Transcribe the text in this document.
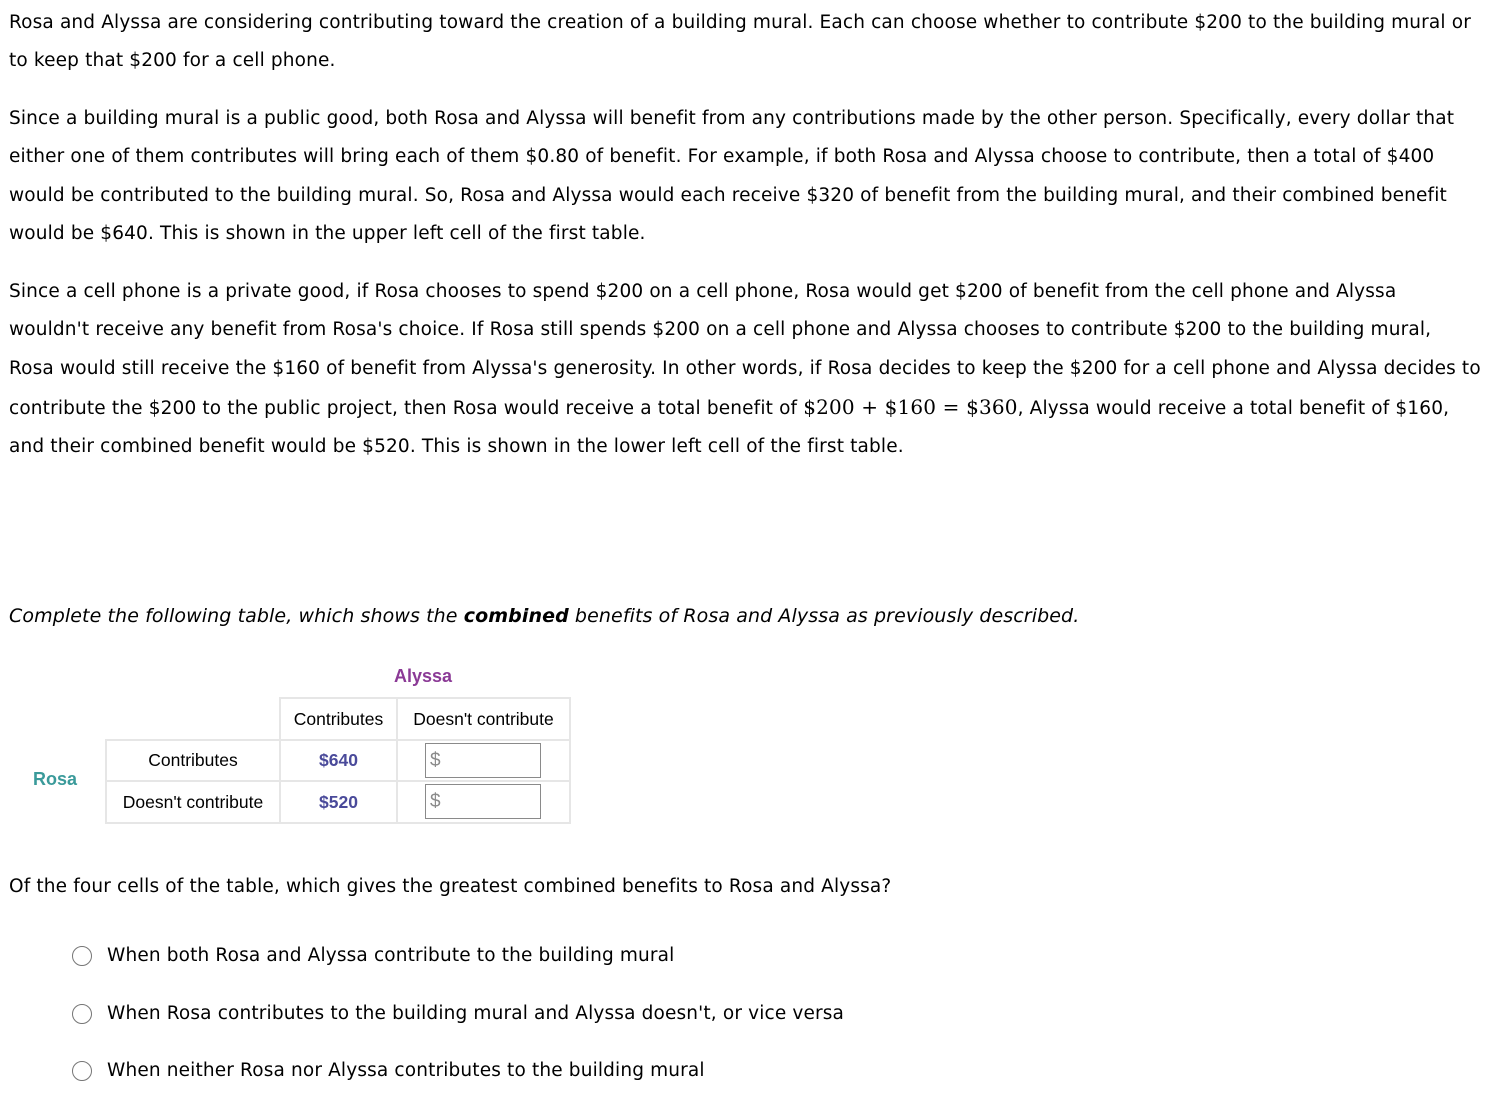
Rosa and Alyssa are considering contributing toward the creation of a building mural. Each can choose whether to contribute $200 to the building mural or to keep that $200 for a cell phone.

Since a building mural is a public good, both Rosa and Alyssa will benefit from any contributions made by the other person. Specifically, every dollar that either one of them contributes will bring each of them $0.80 of benefit. For example, if both Rosa and Alyssa choose to contribute, then a total of $400 would be contributed to the building mural. So, Rosa and Alyssa would each receive $320 of benefit from the building mural, and their combined benefit would be $640. This is shown in the upper left cell of the first table.

Since a cell phone is a private good, if Rosa chooses to spend $200 on a cell phone, Rosa would get $200 of benefit from the cell phone and Alyssa wouldn't receive any benefit from Rosa's choice. If Rosa still spends $200 on a cell phone and Alyssa chooses to contribute $200 to the building mural, Rosa would still receive the $160 of benefit from Alyssa's generosity. In other words, if Rosa decides to keep the $200 for a cell phone and Alyssa decides to contribute the $200 to the public project, then Rosa would receive a total benefit of $200 + $160 = $360, Alyssa would receive a total benefit of $160, and their combined benefit would be $520. This is shown in the lower left cell of the first table.

Complete the following table, which shows the combined benefits of Rosa and Alyssa as previously described.

Alyssa
Rosa
Contributes	Doesn't contribute
Contributes
Doesn't contribute
$640
$520
$
$

Of the four cells of the table, which gives the greatest combined benefits to Rosa and Alyssa?

When both Rosa and Alyssa contribute to the building mural
When Rosa contributes to the building mural and Alyssa doesn't, or vice versa
When neither Rosa nor Alyssa contributes to the building mural
